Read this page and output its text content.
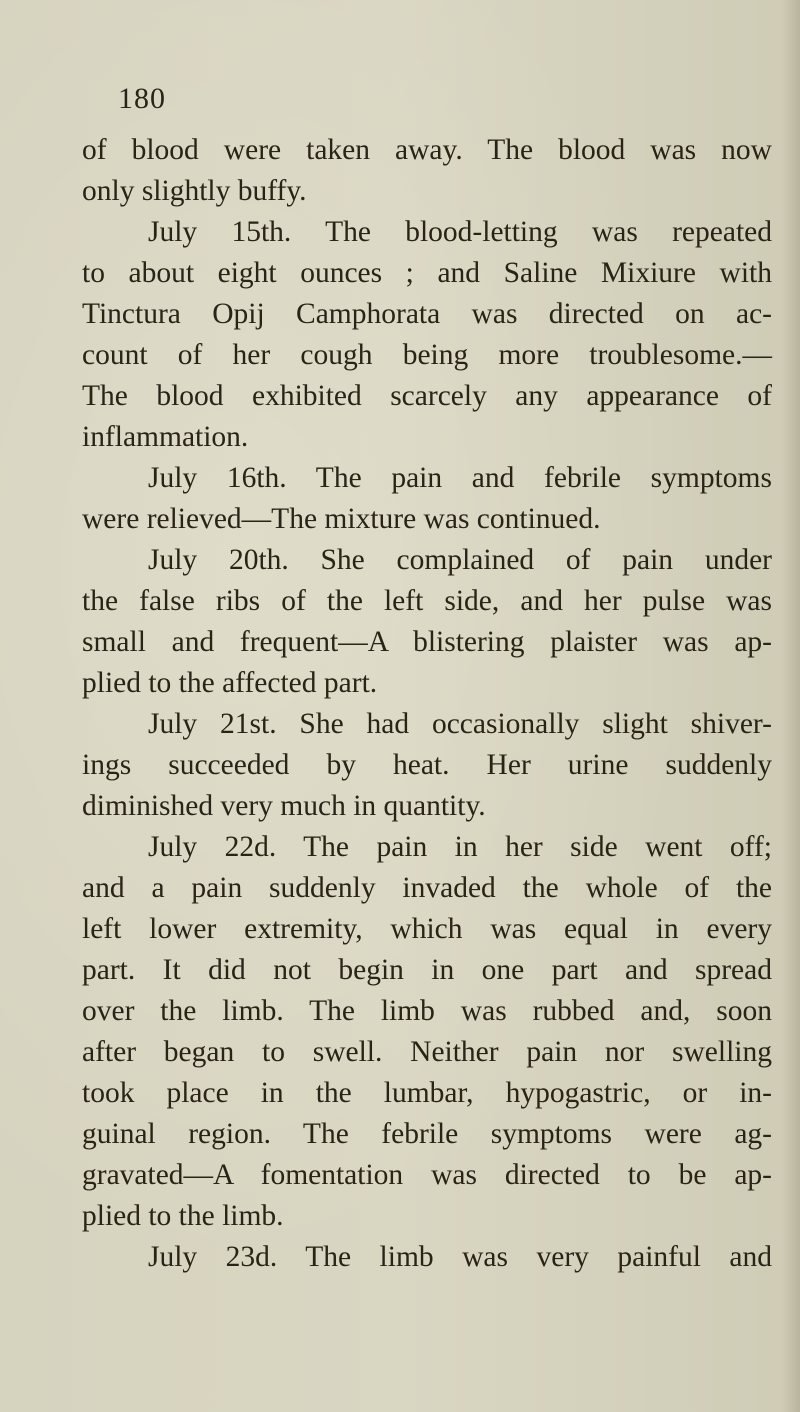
180
of blood were taken away. The blood was now
only slightly buffy.
July 15th. The blood-letting was repeated
to about eight ounces ; and Saline Mixiure with
Tinctura Opij Camphorata was directed on ac-
count of her cough being more troublesome.—
The blood exhibited scarcely any appearance of
inflammation.
July 16th. The pain and febrile symptoms
were relieved—The mixture was continued.
July 20th. She complained of pain under
the false ribs of the left side, and her pulse was
small and frequent—A blistering plaister was ap-
plied to the affected part.
July 21st. She had occasionally slight shiver-
ings succeeded by heat. Her urine suddenly
diminished very much in quantity.
July 22d. The pain in her side went off;
and a pain suddenly invaded the whole of the
left lower extremity, which was equal in every
part. It did not begin in one part and spread
over the limb. The limb was rubbed and, soon
after began to swell. Neither pain nor swelling
took place in the lumbar, hypogastric, or in-
guinal region. The febrile symptoms were ag-
gravated—A fomentation was directed to be ap-
plied to the limb.
July 23d. The limb was very painful and
